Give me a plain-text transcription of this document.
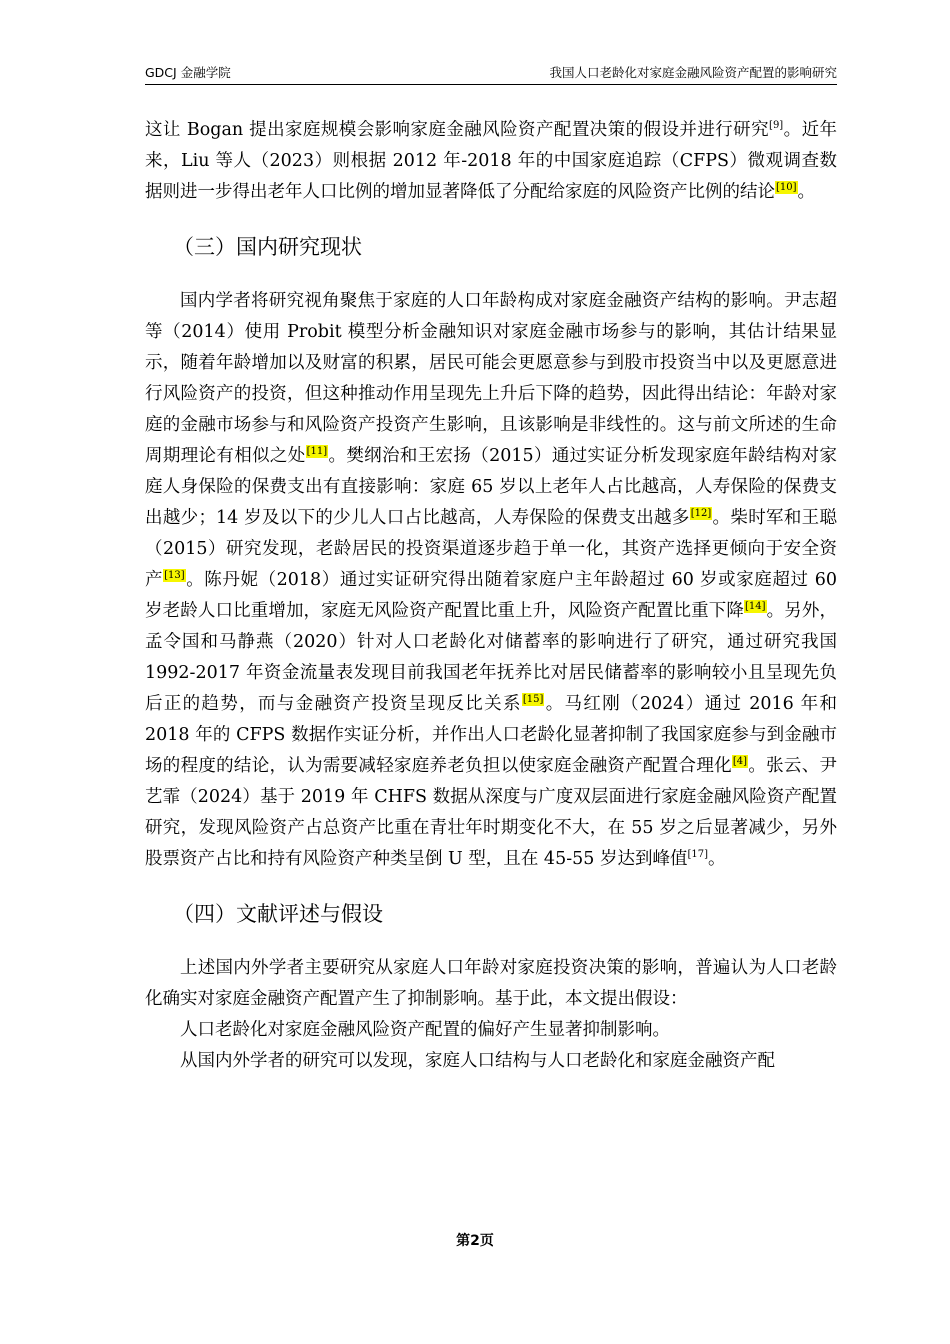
GDCJ 金融学院	我国人口老龄化对家庭金融风险资产配置的影响研究

这让 Bogan 提出家庭规模会影响家庭金融风险资产配置决策的假设并进行研究[9]。近年来，Liu 等人（2023）则根据 2012 年-2018 年的中国家庭追踪（CFPS）微观调查数据则进一步得出老年人口比例的增加显著降低了分配给家庭的风险资产比例的结论[10]。

（三）国内研究现状

国内学者将研究视角聚焦于家庭的人口年龄构成对家庭金融资产结构的影响。尹志超等（2014）使用 Probit 模型分析金融知识对家庭金融市场参与的影响，其估计结果显示，随着年龄增加以及财富的积累，居民可能会更愿意参与到股市投资当中以及更愿意进行风险资产的投资，但这种推动作用呈现先上升后下降的趋势，因此得出结论：年龄对家庭的金融市场参与和风险资产投资产生影响，且该影响是非线性的。这与前文所述的生命周期理论有相似之处[11]。樊纲治和王宏扬（2015）通过实证分析发现家庭年龄结构对家庭人身保险的保费支出有直接影响：家庭 65 岁以上老年人占比越高，人寿保险的保费支出越少；14 岁及以下的少儿人口占比越高，人寿保险的保费支出越多[12]。柴时军和王聪（2015）研究发现，老龄居民的投资渠道逐步趋于单一化，其资产选择更倾向于安全资产[13]。陈丹妮（2018）通过实证研究得出随着家庭户主年龄超过 60 岁或家庭超过 60 岁老龄人口比重增加，家庭无风险资产配置比重上升，风险资产配置比重下降[14]。另外，孟令国和马静燕（2020）针对人口老龄化对储蓄率的影响进行了研究，通过研究我国 1992-2017 年资金流量表发现目前我国老年抚养比对居民储蓄率的影响较小且呈现先负后正的趋势，而与金融资产投资呈现反比关系[15]。马红刚（2024）通过 2016 年和 2018 年的 CFPS 数据作实证分析，并作出人口老龄化显著抑制了我国家庭参与到金融市场的程度的结论，认为需要减轻家庭养老负担以使家庭金融资产配置合理化[4]。张云、尹艺霏（2024）基于 2019 年 CHFS 数据从深度与广度双层面进行家庭金融风险资产配置研究，发现风险资产占总资产比重在青壮年时期变化不大，在 55 岁之后显著减少，另外股票资产占比和持有风险资产种类呈倒 U 型，且在 45-55 岁达到峰值[17]。

（四）文献评述与假设

上述国内外学者主要研究从家庭人口年龄对家庭投资决策的影响，普遍认为人口老龄化确实对家庭金融资产配置产生了抑制影响。基于此，本文提出假设：

人口老龄化对家庭金融风险资产配置的偏好产生显著抑制影响。

从国内外学者的研究可以发现，家庭人口结构与人口老龄化和家庭金融资产配

第2页
